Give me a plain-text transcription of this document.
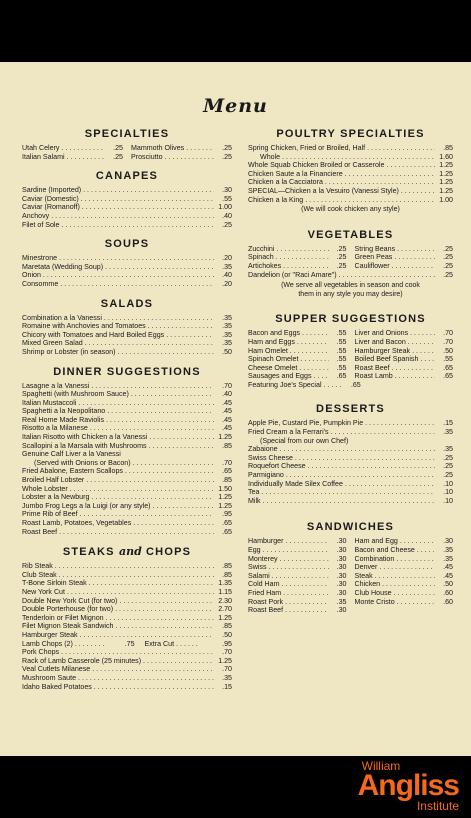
William
Angliss
Institute
Menu
SPECIALTIES
Utah Celery . . .	.25
Italian Salami . . .	.25
Mammoth Olives . . .	.25
Prosciutto . . .	.25
CANAPES
Sardine (Imported) . . .	.30
Caviar (Domestic) . . .	.55
Caviar (Romanoff) . . .	1.00
Anchovy . . .	.40
Filet of Sole . . .	.25
SOUPS
Minestrone . . .	.20
Maretata (Wedding Soup) . . .	.35
Onion . . .	.40
Consomme . . .	.20
SALADS
Combination a la Vanessi . . .	.35
Romaine with Anchovies and Tomatoes . . .	.35
Chicory with Tomatoes and Hard Boiled Eggs . . .	.35
Mixed Green Salad . . .	.35
Shrimp or Lobster (in season) . . .	.50
DINNER SUGGESTIONS
Lasagne a la Vanessi . . .	.70
Spaghetti (with Mushroom Sauce) . . .	.40
Italian Mustaccoli . . .	.45
Spaghetti a la Neopolitano . . .	.45
Real Home Made Raviolis . . .	.45
Risotto a la Milanese . . .	.45
Italian Risotto with Chicken a la Vanessi . . .	1.25
Scallopini a la Marsala with Mushrooms . . .	.85
Genuine Calf Liver a la Vanessi
(Served with Onions or Bacon) . . .	.70
Fried Abalone, Eastern Scallops . . .	.65
Broiled Half Lobster . . .	.85
Whole Lobster . . .	1.50
Lobster a la Newburg . . .	1.25
Jumbo Frog Legs a la Luigi (or any style) . . .	1.25
Prime Rib of Beef . . .	.95
Roast Lamb, Potatoes, Vegetables . . .	.65
Roast Beef . . .	.65
STEAKS and CHOPS
Rib Steak . . .	.85
Club Steak . . .	.85
T-Bone Sirloin Steak . . .	1.35
New York Cut . . .	1.15
Double New York Cut (for two) . . .	2.30
Double Porterhouse (for two) . . .	2.70
Tenderloin or Filet Mignon . . .	1.25
Filet Mignon Steak Sandwich . . .	.85
Hamburger Steak . . .	.50
Lamb Chops (2) . . . . . . . .	.75	Extra Cut . . . . . .	.95
Pork Chops . . .	.70
Rack of Lamb Casserole (25 minutes) . . .	1.25
Veal Cutlets Milanese . . .	.70
Mushroom Saute . . .	.35
Idaho Baked Potatoes . . .	.15
POULTRY SPECIALTIES
Spring Chicken, Fried or Broiled, Half . . .	.85
Whole . . .	1.60
Whole Squab Chicken Broiled or Casserole . . .	1.25
Chicken Saute a la Financiere . . .	1.25
Chicken a la Cacciatora . . .	1.25
SPECIAL—Chicken a la Vesuiro (Vanessi Style) . . .	1.25
Chicken a la King . . .	1.00
(We will cook chicken any style)
VEGETABLES
Zucchini . . .	.25
Spinach . . .	.25
Artichokes . . .	.25
String Beans . . .	.25
Green Peas . . .	.25
Cauliflower . . .	.25
Dandelion (or "Raci Amare") . . .	.25
(We serve all vegetables in season and cook
them in any style you may desire)
SUPPER SUGGESTIONS
Bacon and Eggs . . .	.55
Ham and Eggs . . .	.55
Ham Omelet . . .	.55
Spinach Omelet . . .	.55
Cheese Omelet . . .	.55
Sausages and Eggs . . .	.65
Liver and Onions . . .	.70
Liver and Bacon . . .	.70
Hamburger Steak . . .	.50
Boiled Beef Spanish . . .	.55
Roast Beef . . .	.65
Roast Lamb . . .	.65
Featuring Joe's Special . . .	.65
DESSERTS
Apple Pie, Custard Pie, Pumpkin Pie . . .	.15
Fried Cream a la Ferrari's . . .	.35
(Special from our own Chef)
Zabaione . . .	.35
Swiss Cheese . . .	.25
Roquefort Cheese . . .	.25
Parmigiano . . .	.25
Individually Made Silex Coffee . . .	.10
Tea . . .	.10
Milk . . .	.10
SANDWICHES
Hamburger . . .	.30
Egg . . .	.30
Monterey . . .	.30
Swiss . . .	.30
Salami . . .	.30
Cold Ham . . .	.30
Fried Ham . . .	.30
Roast Pork . . .	.35
Roast Beef . . .	.30
Ham and Egg . . .	.30
Bacon and Cheese . . .	.35
Combination . . .	.35
Denver . . .	.45
Steak . . .	.45
Chicken . . .	.50
Club House . . .	.60
Monte Cristo . . .	.60
